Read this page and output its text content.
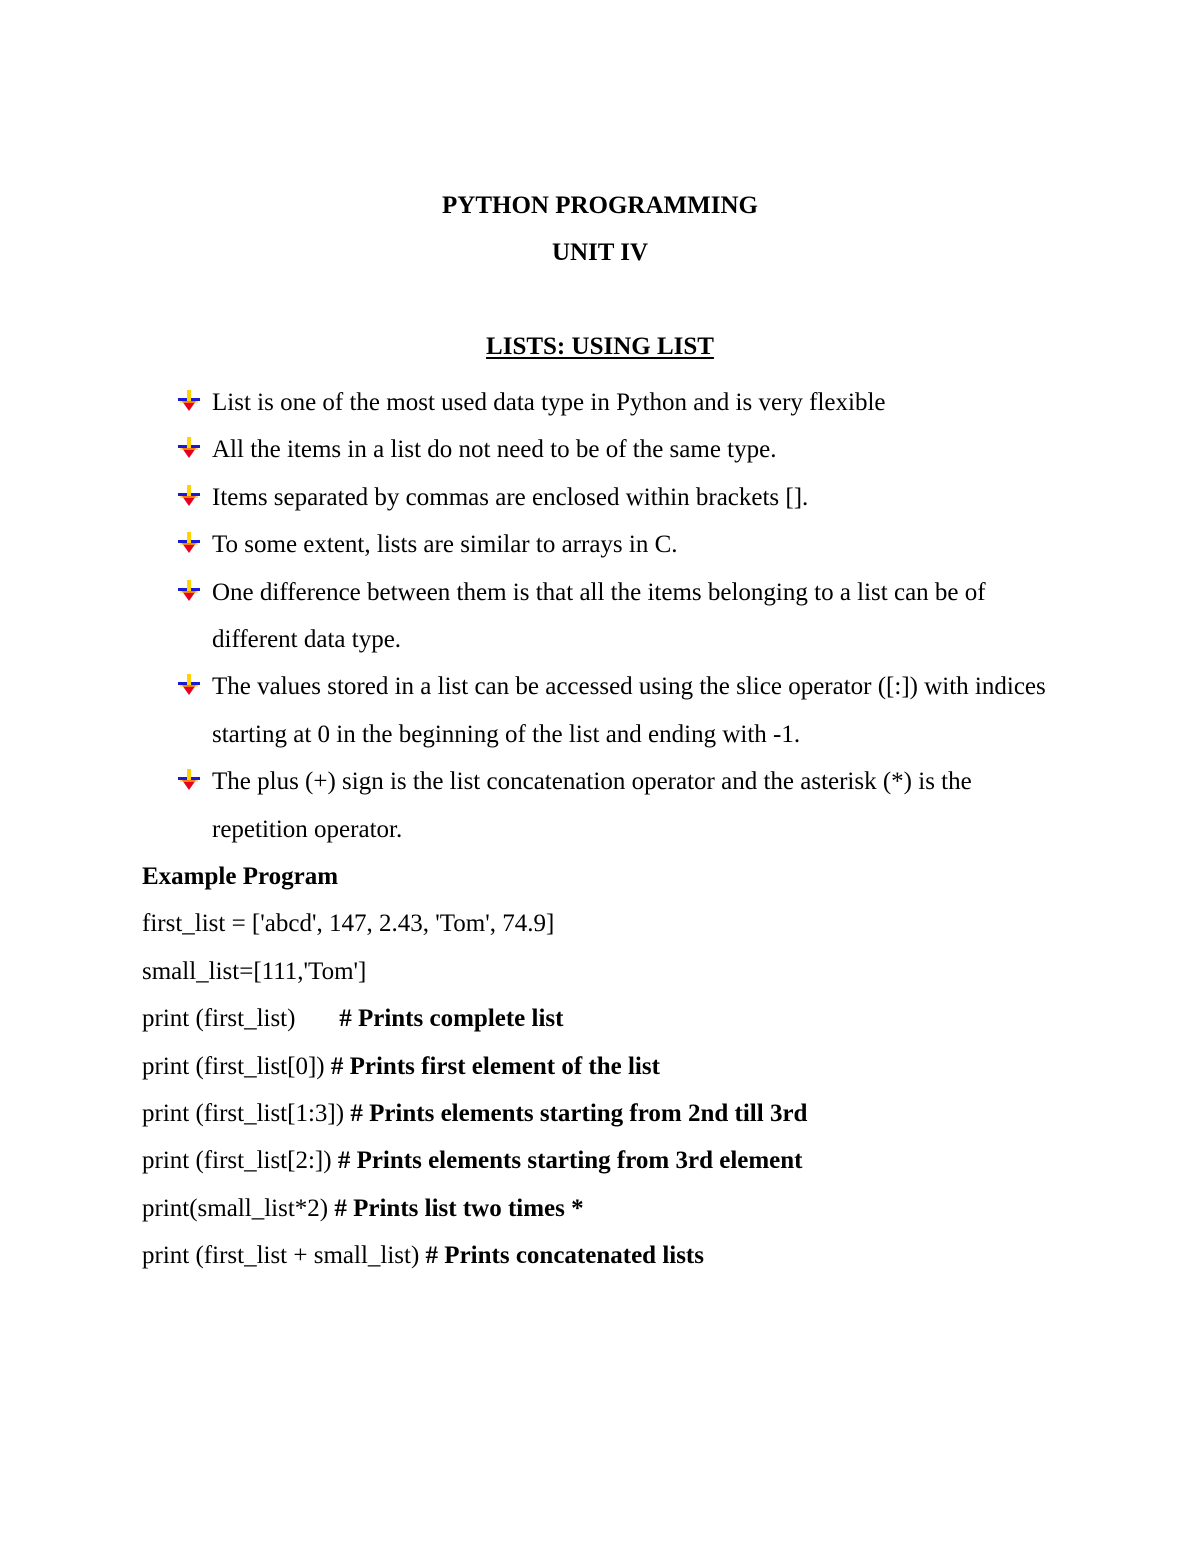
PYTHON PROGRAMMING
UNIT IV
LISTS: USING LIST
List is one of the most used data type in Python and is very flexible
All the items in a list do not need to be of the same type.
Items separated by commas are enclosed within brackets [].
To some extent, lists are similar to arrays in C.
One difference between them is that all the items belonging to a list can be of different data type.
The values stored in a list can be accessed using the slice operator ([:]) with indices starting at 0 in the beginning of the list and ending with -1.
The plus (+) sign is the list concatenation operator and the asterisk (*) is the repetition operator.
Example Program
first_list = ['abcd', 147, 2.43, 'Tom', 74.9]
small_list=[111,'Tom']
print (first_list)       # Prints complete list
print (first_list[0]) # Prints first element of the list
print (first_list[1:3]) # Prints elements starting from 2nd till 3rd
print (first_list[2:]) # Prints elements starting from 3rd element
print(small_list*2) # Prints list two times *
print (first_list + small_list) # Prints concatenated lists
